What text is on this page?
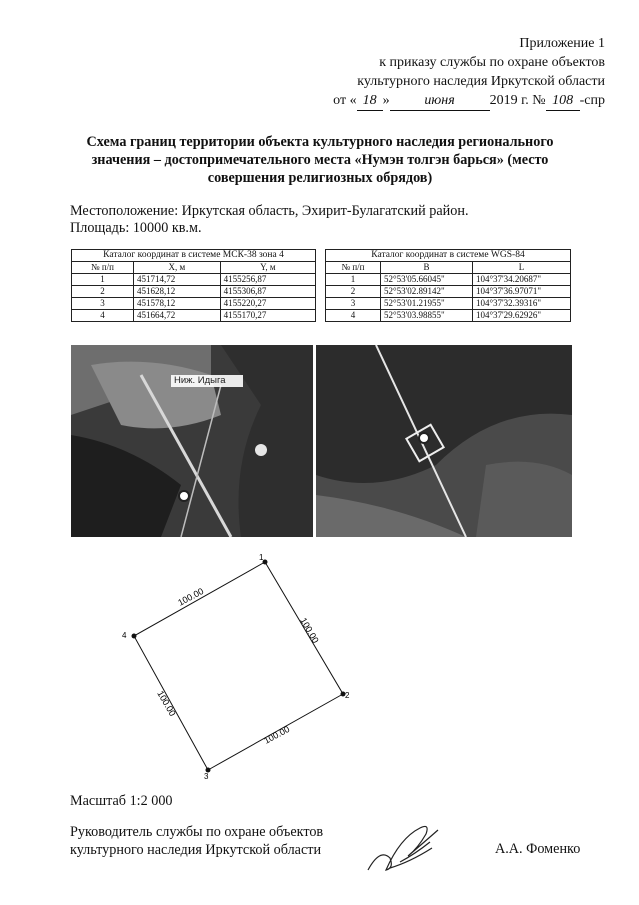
Приложение 1
к приказу службы по охране объектов
культурного наследия Иркутской области
от « 18 » июня 2019 г. № 108 -спр
Схема границ территории объекта культурного наследия регионального значения – достопримечательного места «Нумэн толгэн барься» (место совершения религиозных обрядов)
Местоположение: Иркутская область, Эхирит-Булагатский район.
Площадь: 10000 кв.м.
Каталог координат в системе МСК-38 зона 4		
№ п/п	X, м	Y, м
1	451714,72	4155256,87
2	451628,12	4155306,87
3	451578,12	4155220,27
4	451664,72	4155170,27
Каталог координат в системе WGS-84		
№ п/п	B	L
1	52°53'05.66045"	104°37'34.20687"
2	52°53'02.89142"	104°37'36.97071"
3	52°53'01.21955"	104°37'32.39316"
4	52°53'03.98855"	104°37'29.62926"
Ниж. Идыга
1
2
3
4
100.00
100.00
100.00
100.00
Масштаб 1:2 000
Руководитель службы по охране объектов
культурного наследия Иркутской области	А.А. Фоменко
